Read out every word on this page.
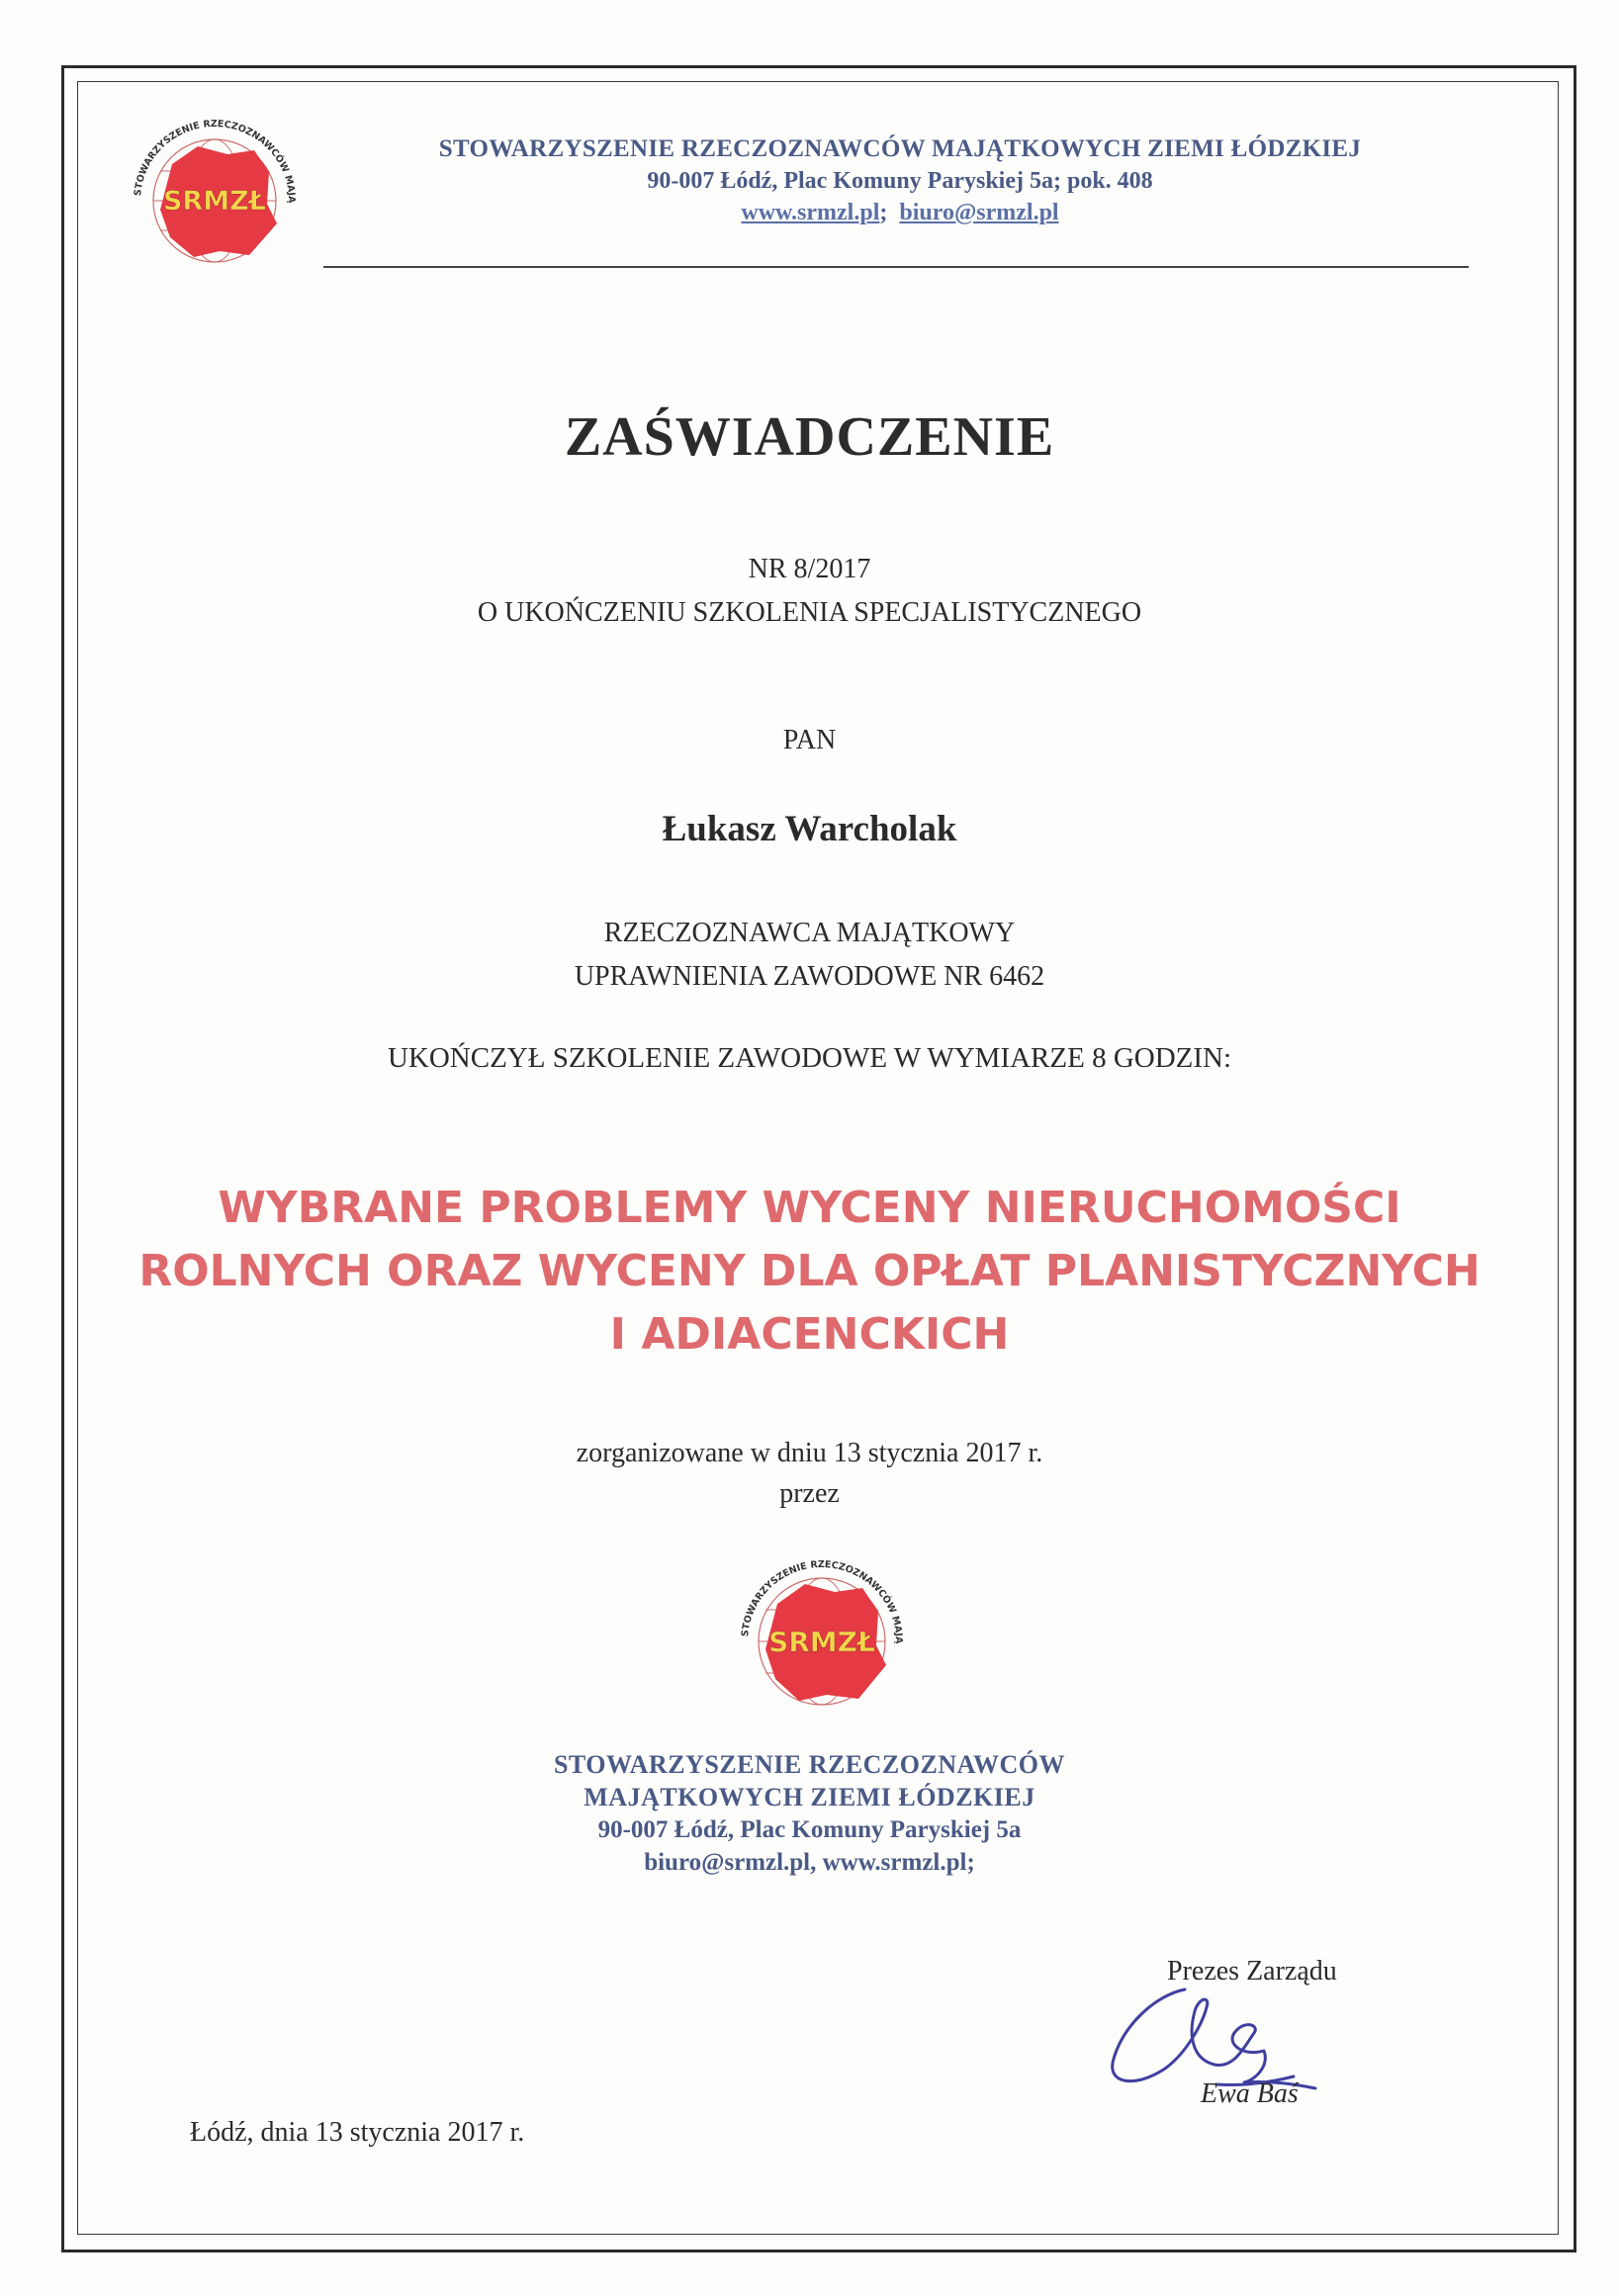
SRMZŁ
STOWARZYSZENIE RZECZOZNAWCÓW MAJĄ
STOWARZYSZENIE RZECZOZNAWCÓW MAJĄTKOWYCH ZIEMI ŁÓDZKIEJ
90-007 Łódź, Plac Komuny Paryskiej 5a; pok. 408
www.srmzl.pl; biuro@srmzl.pl
ZAŚWIADCZENIE
NR 8/2017
O UKOŃCZENIU SZKOLENIA SPECJALISTYCZNEGO
PAN
Łukasz Warcholak
RZECZOZNAWCA MAJĄTKOWY
UPRAWNIENIA ZAWODOWE NR 6462
UKOŃCZYŁ SZKOLENIE ZAWODOWE W WYMIARZE 8 GODZIN:
WYBRANE PROBLEMY WYCENY NIERUCHOMOŚCI
ROLNYCH ORAZ WYCENY DLA OPŁAT PLANISTYCZNYCH
I ADIACENCKICH
zorganizowane w dniu 13 stycznia 2017 r.
przez
SRMZŁ
STOWARZYSZENIE RZECZOZNAWCÓW MAJĄ
STOWARZYSZENIE RZECZOZNAWCÓW
MAJĄTKOWYCH ZIEMI ŁÓDZKIEJ
90-007 Łódź, Plac Komuny Paryskiej 5a
biuro@srmzl.pl, www.srmzl.pl;
Prezes Zarządu
Ewa Baś
Łódź, dnia 13 stycznia 2017 r.
